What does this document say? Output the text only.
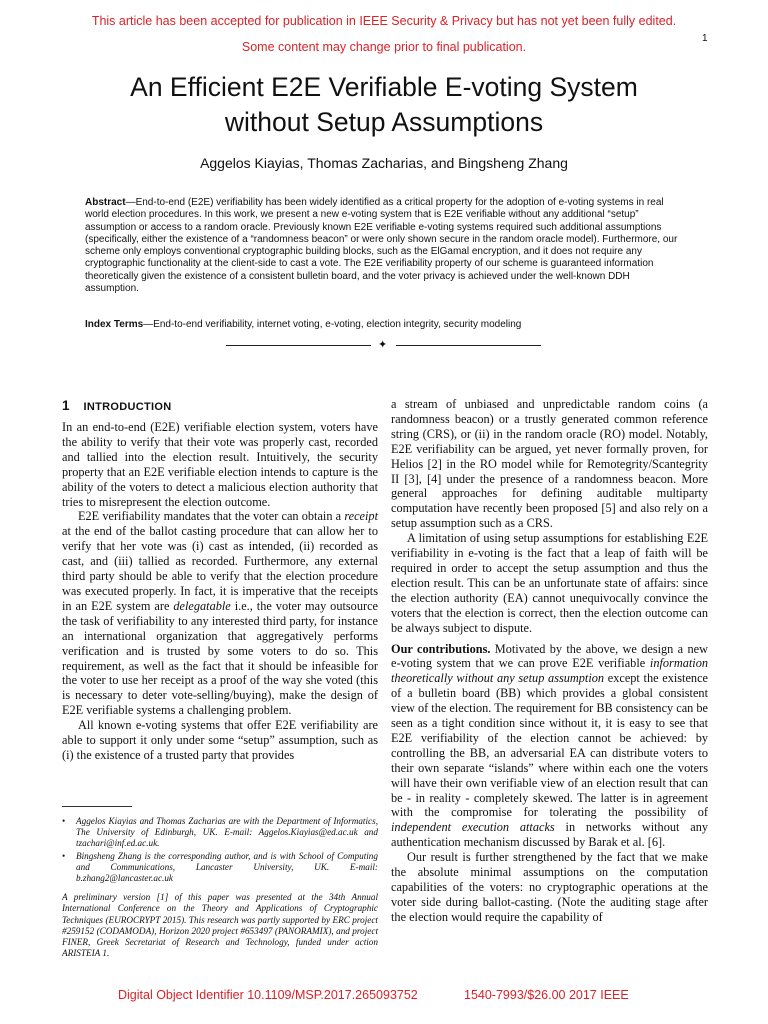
This article has been accepted for publication in IEEE Security & Privacy but has not yet been fully edited.
Some content may change prior to final publication.
1
An Efficient E2E Verifiable E-voting System
without Setup Assumptions
Aggelos Kiayias, Thomas Zacharias, and Bingsheng Zhang
Abstract—End-to-end (E2E) verifiability has been widely identified as a critical property for the adoption of e-voting systems in real world election procedures. In this work, we present a new e-voting system that is E2E verifiable without any additional “setup” assumption or access to a random oracle. Previously known E2E verifiable e-voting systems required such additional assumptions (specifically, either the existence of a “randomness beacon” or were only shown secure in the random oracle model). Furthermore, our scheme only employs conventional cryptographic building blocks, such as the ElGamal encryption, and it does not require any cryptographic functionality at the client-side to cast a vote. The E2E verifiability property of our scheme is guaranteed information theoretically given the existence of a consistent bulletin board, and the voter privacy is achieved under the well-known DDH assumption.
Index Terms—End-to-end verifiability, internet voting, e-voting, election integrity, security modeling
✦
1 INTRODUCTION

In an end-to-end (E2E) verifiable election system, voters have the ability to verify that their vote was properly cast, recorded and tallied into the election result. Intuitively, the security property that an E2E verifiable election intends to capture is the ability of the voters to detect a malicious election authority that tries to misrepresent the election outcome.

E2E verifiability mandates that the voter can obtain a receipt at the end of the ballot casting procedure that can allow her to verify that her vote was (i) cast as intended, (ii) recorded as cast, and (iii) tallied as recorded. Furthermore, any external third party should be able to verify that the election procedure was executed properly. In fact, it is imperative that the receipts in an E2E system are delegatable i.e., the voter may outsource the task of verifiability to any interested third party, for instance an international organization that aggregatively performs verification and is trusted by some voters to do so. This requirement, as well as the fact that it should be infeasible for the voter to use her receipt as a proof of the way she voted (this is necessary to deter vote-selling/buying), make the design of E2E verifiable systems a challenging problem.

All known e-voting systems that offer E2E verifiability are able to support it only under some “setup” assumption, such as (i) the existence of a trusted party that provides

• Aggelos Kiayias and Thomas Zacharias are with the Department of Informatics, The University of Edinburgh, UK. E-mail: Aggelos.Kiayias@ed.ac.uk and tzachari@inf.ed.ac.uk.
• Bingsheng Zhang is the corresponding author, and is with School of Computing and Communications, Lancaster University, UK. E-mail: b.zhang2@lancaster.ac.uk
A preliminary version [1] of this paper was presented at the 34th Annual International Conference on the Theory and Applications of Cryptographic Techniques (EUROCRYPT 2015). This research was partly supported by ERC project #259152 (CODAMODA), Horizon 2020 project #653497 (PANORAMIX), and project FINER, Greek Secretariat of Research and Technology, funded under action ARISTEIA 1.

a stream of unbiased and unpredictable random coins (a randomness beacon) or a trustly generated common reference string (CRS), or (ii) in the random oracle (RO) model. Notably, E2E verifiability can be argued, yet never formally proven, for Helios [2] in the RO model while for Remotegrity/Scantegrity II [3], [4] under the presence of a randomness beacon. More general approaches for defining auditable multiparty computation have recently been proposed [5] and also rely on a setup assumption such as a CRS.

A limitation of using setup assumptions for establishing E2E verifiability in e-voting is the fact that a leap of faith will be required in order to accept the setup assumption and thus the election result. This can be an unfortunate state of affairs: since the election authority (EA) cannot unequivocally convince the voters that the election is correct, then the election outcome can be always subject to dispute.

Our contributions. Motivated by the above, we design a new e-voting system that we can prove E2E verifiable information theoretically without any setup assumption except the existence of a bulletin board (BB) which provides a global consistent view of the election. The requirement for BB consistency can be seen as a tight condition since without it, it is easy to see that E2E verifiability of the election cannot be achieved: by controlling the BB, an adversarial EA can distribute voters to their own separate “islands” where within each one the voters will have their own verifiable view of an election result that can be - in reality - completely skewed. The latter is in agreement with the compromise for tolerating the possibility of independent execution attacks in networks without any authentication mechanism discussed by Barak et al. [6].

Our result is further strengthened by the fact that we make the absolute minimal assumptions on the computation capabilities of the voters: no cryptographic operations at the voter side during ballot-casting. (Note the auditing stage after the election would require the capability of

Digital Object Identifier 10.1109/MSP.2017.265093752	1540-7993/$26.00 2017 IEEE
